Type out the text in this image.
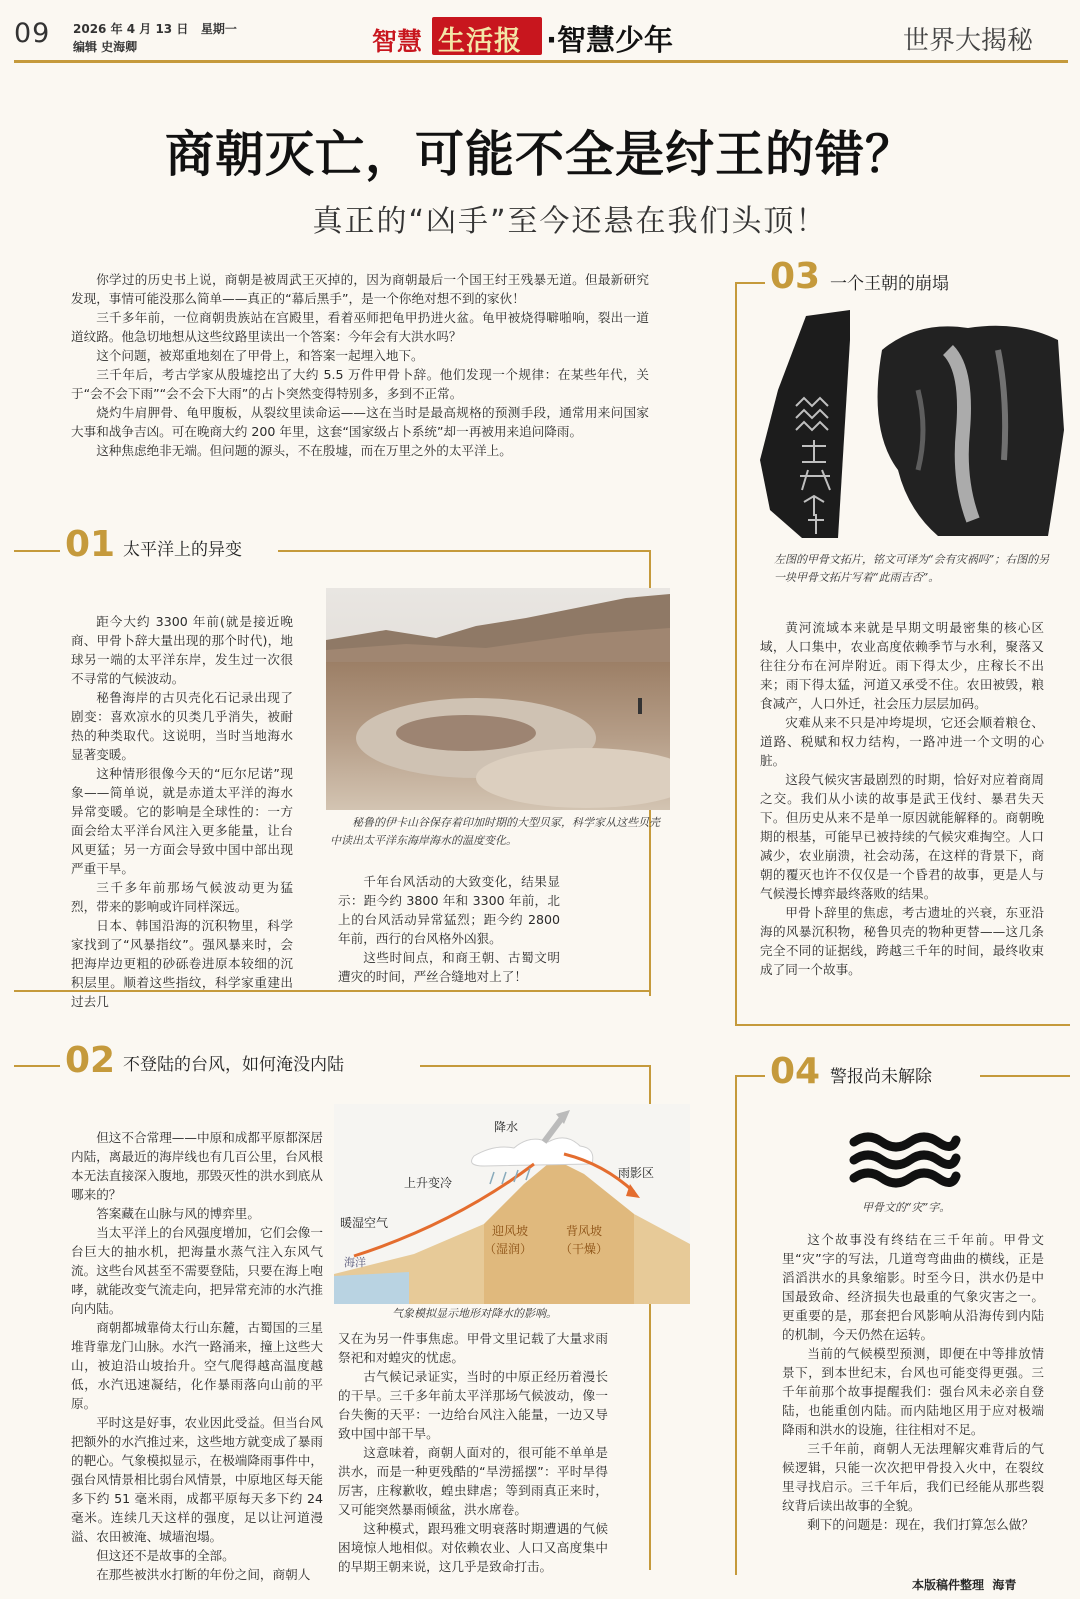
09 2026 年 4 月 13 日   星期一
编辑 史海卿	智慧 生活报 ·智慧少年	世界大揭秘
商朝灭亡，可能不全是纣王的错？
真正的“凶手”至今还悬在我们头顶！

你学过的历史书上说，商朝是被周武王灭掉的，因为商朝最后一个国王纣王残暴无道。但最新研究发现，事情可能没那么简单——真正的“幕后黑手”，是一个你绝对想不到的家伙！

三千多年前，一位商朝贵族站在宫殿里，看着巫师把龟甲扔进火盆。龟甲被烧得噼啪响，裂出一道道纹路。他急切地想从这些纹路里读出一个答案：今年会有大洪水吗？

这个问题，被郑重地刻在了甲骨上，和答案一起埋入地下。

三千年后，考古学家从殷墟挖出了大约 5.5 万件甲骨卜辞。他们发现一个规律：在某些年代，关于“会不会下雨”“会不会下大雨”的占卜突然变得特别多，多到不正常。

烧灼牛肩胛骨、龟甲腹板，从裂纹里读命运——这在当时是最高规格的预测手段，通常用来问国家大事和战争吉凶。可在晚商大约 200 年里，这套“国家级占卜系统”却一再被用来追问降雨。

这种焦虑绝非无端。但问题的源头，不在殷墟，而在万里之外的太平洋上。

01 太平洋上的异变

距今大约 3300 年前(就是接近晚商、甲骨卜辞大量出现的那个时代)，地球另一端的太平洋东岸，发生过一次很不寻常的气候波动。

秘鲁海岸的古贝壳化石记录出现了剧变：喜欢凉水的贝类几乎消失，被耐热的种类取代。这说明，当时当地海水显著变暖。

这种情形很像今天的“厄尔尼诺”现象——简单说，就是赤道太平洋的海水异常变暖。它的影响是全球性的：一方面会给太平洋台风注入更多能量，让台风更猛；另一方面会导致中国中部出现严重干旱。

三千多年前那场气候波动更为猛烈，带来的影响或许同样深远。

日本、韩国沿海的沉积物里，科学家找到了“风暴指纹”。强风暴来时，会把海岸边更粗的砂砾卷进原本较细的沉积层里。顺着这些指纹，科学家重建出过去几

秘鲁的伊卡山谷保存着印加时期的大型贝冢，科学家从这些贝壳中读出太平洋东海岸海水的温度变化。

千年台风活动的大致变化，结果显示：距今约 3800 年和 3300 年前，北上的台风活动异常猛烈；距今约 2800 年前，西行的台风格外凶狠。

这些时间点，和商王朝、古蜀文明遭灾的时间，严丝合缝地对上了！

03 一个王朝的崩塌
左图的甲骨文拓片，铭文可译为“会有灾祸吗”；右图的另一块甲骨文拓片写着“此雨吉否”。

黄河流域本来就是早期文明最密集的核心区域，人口集中，农业高度依赖季节与水利，聚落又往往分布在河岸附近。雨下得太少，庄稼长不出来；雨下得太猛，河道又承受不住。农田被毁，粮食减产，人口外迁，社会压力层层加码。

灾难从来不只是冲垮堤坝，它还会顺着粮仓、道路、税赋和权力结构，一路冲进一个文明的心脏。

这段气候灾害最剧烈的时期，恰好对应着商周之交。我们从小读的故事是武王伐纣、暴君失天下。但历史从来不是单一原因就能解释的。商朝晚期的根基，可能早已被持续的气候灾难掏空。人口减少，农业崩溃，社会动荡，在这样的背景下，商朝的覆灭也许不仅仅是一个昏君的故事，更是人与气候漫长博弈最终落败的结果。

甲骨卜辞里的焦虑，考古遗址的兴衰，东亚沿海的风暴沉积物，秘鲁贝壳的物种更替——这几条完全不同的证据线，跨越三千年的时间，最终收束成了同一个故事。

02 不登陆的台风，如何淹没内陆

但这不合常理——中原和成都平原都深居内陆，离最近的海岸线也有几百公里，台风根本无法直接深入腹地，那毁灭性的洪水到底从哪来的？

答案藏在山脉与风的博弈里。

当太平洋上的台风强度增加，它们会像一台巨大的抽水机，把海量水蒸气注入东风气流。这些台风甚至不需要登陆，只要在海上咆哮，就能改变气流走向，把异常充沛的水汽推向内陆。

商朝都城靠倚太行山东麓，古蜀国的三星堆背靠龙门山脉。水汽一路涌来，撞上这些大山，被迫沿山坡抬升。空气爬得越高温度越低，水汽迅速凝结，化作暴雨落向山前的平原。

平时这是好事，农业因此受益。但当台风把额外的水汽推过来，这些地方就变成了暴雨的靶心。气象模拟显示，在极端降雨事件中，强台风情景相比弱台风情景，中原地区每天能多下约 51 毫米雨，成都平原每天多下约 24 毫米。连续几天这样的强度，足以让河道漫溢、农田被淹、城墙泡塌。

但这还不是故事的全部。

在那些被洪水打断的年份之间，商朝人

降水
上升变冷
暖湿空气
海洋
迎风坡
（湿润）
背风坡
（干燥）
雨影区
气象模拟显示地形对降水的影响。

又在为另一件事焦虑。甲骨文里记载了大量求雨祭祀和对蝗灾的忧虑。

古气候记录证实，当时的中原正经历着漫长的干旱。三千多年前太平洋那场气候波动，像一台失衡的天平：一边给台风注入能量，一边又导致中国中部干旱。

这意味着，商朝人面对的，很可能不单单是洪水，而是一种更残酷的“旱涝摇摆”：平时旱得厉害，庄稼歉收，蝗虫肆虐；等到雨真正来时，又可能突然暴雨倾盆，洪水席卷。

这种模式，跟玛雅文明衰落时期遭遇的气候困境惊人地相似。对依赖农业、人口又高度集中的早期王朝来说，这几乎是致命打击。

04 警报尚未解除
甲骨文的“灾”字。

这个故事没有终结在三千年前。甲骨文里“灾”字的写法，几道弯弯曲曲的横线，正是滔滔洪水的具象缩影。时至今日，洪水仍是中国最致命、经济损失也最重的气象灾害之一。更重要的是，那套把台风影响从沿海传到内陆的机制，今天仍然在运转。

当前的气候模型预测，即便在中等排放情景下，到本世纪末，台风也可能变得更强。三千年前那个故事提醒我们：强台风未必亲自登陆，也能重创内陆。而内陆地区用于应对极端降雨和洪水的设施，往往相对不足。

三千年前，商朝人无法理解灾难背后的气候逻辑，只能一次次把甲骨投入火中，在裂纹里寻找启示。三千年后，我们已经能从那些裂纹背后读出故事的全貌。

剩下的问题是：现在，我们打算怎么做？

本版稿件整理  海青
